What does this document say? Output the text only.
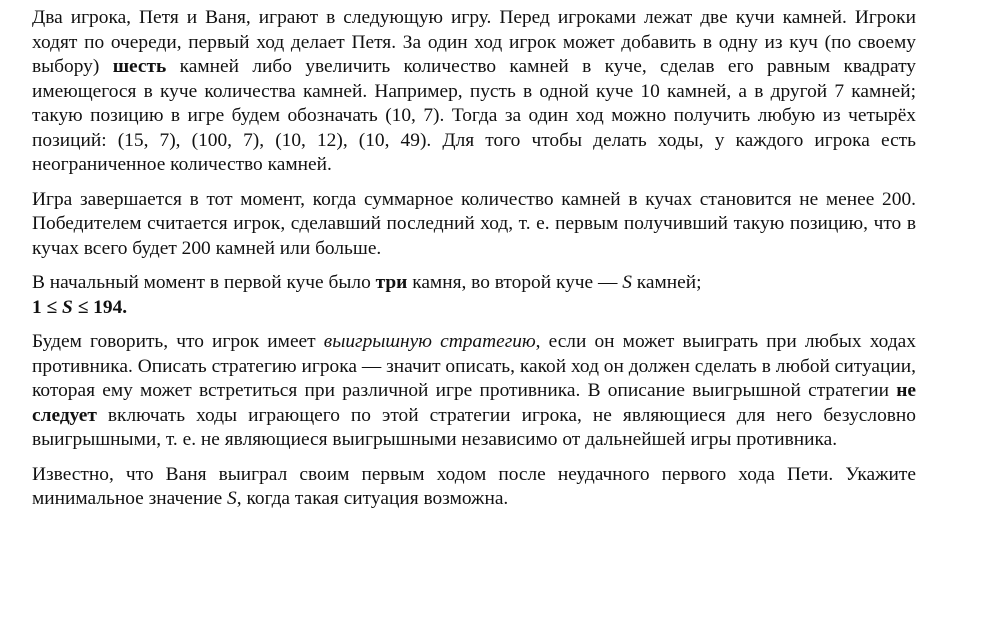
Два игрока, Петя и Ваня, играют в следующую игру. Перед игроками лежат две кучи камней. Игроки ходят по очереди, первый ход делает Петя. За один ход игрок может добавить в одну из куч (по своему выбору) шесть камней либо увеличить количество камней в куче, сделав его равным квадрату имеющегося в куче количества камней. Например, пусть в одной куче 10 камней, а в другой 7 камней; такую позицию в игре будем обозначать (10, 7). Тогда за один ход можно получить любую из четырёх позиций: (15, 7), (100, 7), (10, 12), (10, 49). Для того чтобы делать ходы, у каждого игрока есть неограниченное количество камней.

Игра завершается в тот момент, когда суммарное количество камней в кучах становится не менее 200. Победителем считается игрок, сделавший последний ход, т. е. первым получивший такую позицию, что в кучах всего будет 200 камней или больше.

В начальный момент в первой куче было три камня, во второй куче — S камней;
1 ≤ S ≤ 194.

Будем говорить, что игрок имеет выигрышную стратегию, если он может выиграть при любых ходах противника. Описать стратегию игрока — значит описать, какой ход он должен сделать в любой ситуации, которая ему может встретиться при различной игре противника. В описание выигрышной стратегии не следует включать ходы играющего по этой стратегии игрока, не являющиеся для него безусловно выигрышными, т. е. не являющиеся выигрышными независимо от дальнейшей игры противника.

Известно, что Ваня выиграл своим первым ходом после неудачного первого хода Пети. Укажите минимальное значение S, когда такая ситуация возможна.
